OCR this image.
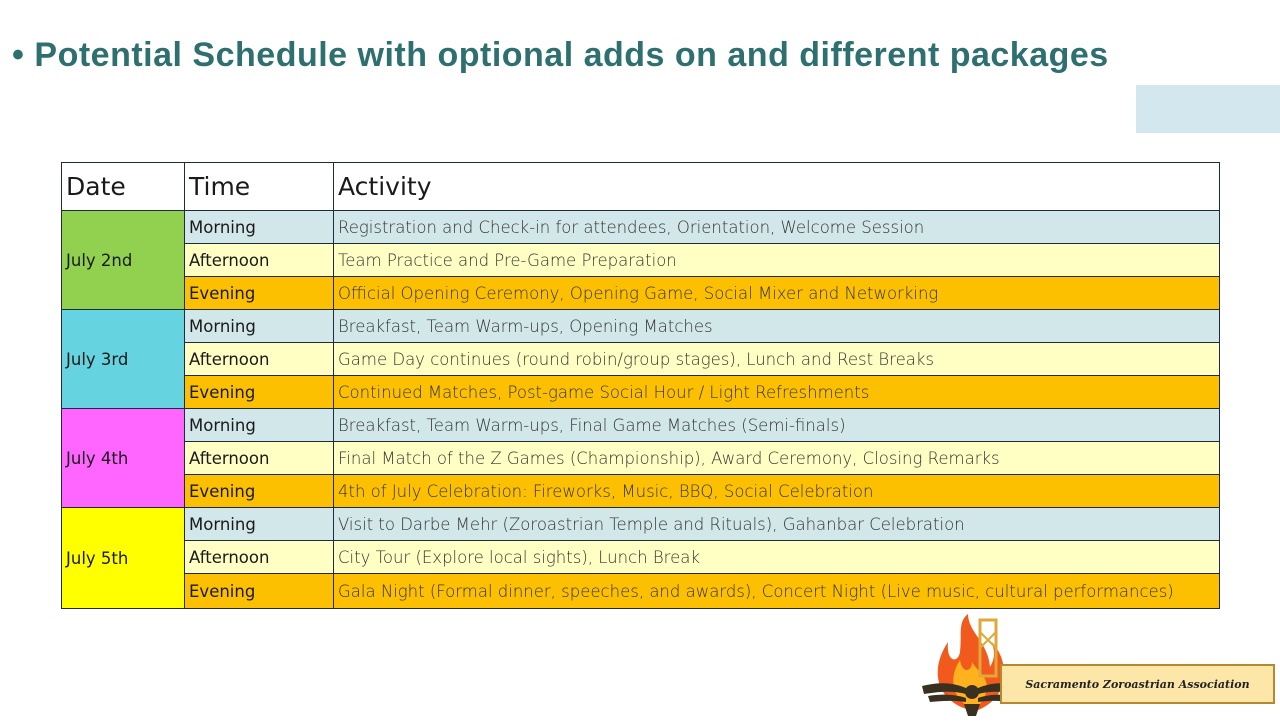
• Potential Schedule with optional adds on and different packages
Date	Time	Activity
July 2nd	Morning	Registration and Check-in for attendees, Orientation, Welcome Session
	Afternoon	Team Practice and Pre-Game Preparation
	Evening	Official Opening Ceremony, Opening Game, Social Mixer and Networking
July 3rd	Morning	Breakfast, Team Warm-ups, Opening Matches
	Afternoon	Game Day continues (round robin/group stages), Lunch and Rest Breaks
	Evening	Continued Matches, Post-game Social Hour / Light Refreshments
July 4th	Morning	Breakfast, Team Warm-ups, Final Game Matches (Semi-finals)
	Afternoon	Final Match of the Z Games (Championship), Award Ceremony, Closing Remarks
	Evening	4th of July Celebration: Fireworks, Music, BBQ, Social Celebration
July 5th	Morning	Visit to Darbe Mehr (Zoroastrian Temple and Rituals), Gahanbar Celebration
	Afternoon	City Tour (Explore local sights), Lunch Break
	Evening	Gala Night (Formal dinner, speeches, and awards), Concert Night (Live music, cultural performances)
Sacramento Zoroastrian Association
